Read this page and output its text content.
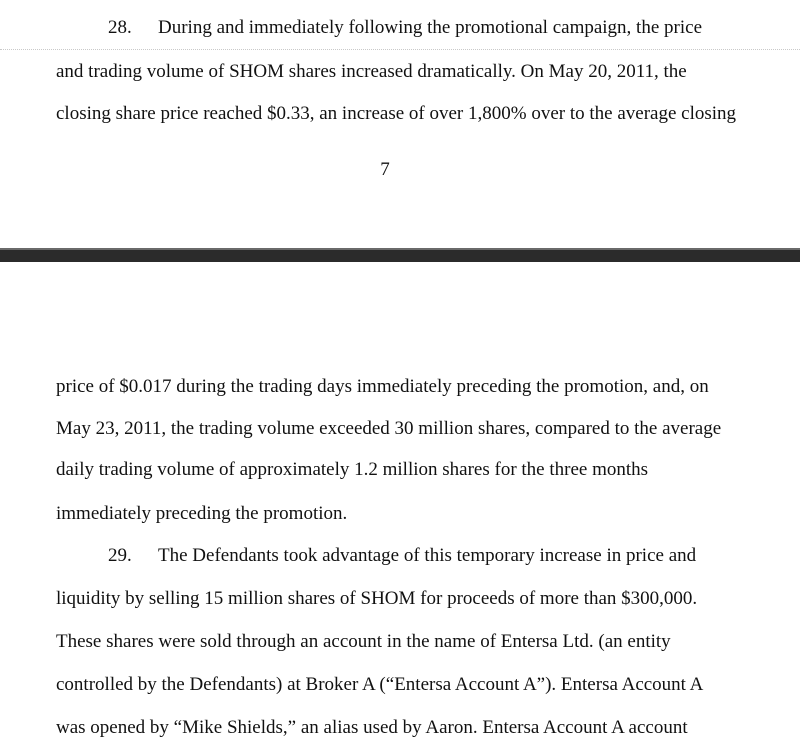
28. During and immediately following the promotional campaign, the price

and trading volume of SHOM shares increased dramatically. On May 20, 2011, the

closing share price reached $0.33, an increase of over 1,800% over to the average closing

7

price of $0.017 during the trading days immediately preceding the promotion, and, on

May 23, 2011, the trading volume exceeded 30 million shares, compared to the average

daily trading volume of approximately 1.2 million shares for the three months

immediately preceding the promotion.

29. The Defendants took advantage of this temporary increase in price and

liquidity by selling 15 million shares of SHOM for proceeds of more than $300,000.

These shares were sold through an account in the name of Entersa Ltd. (an entity

controlled by the Defendants) at Broker A (“Entersa Account A”). Entersa Account A

was opened by “Mike Shields,” an alias used by Aaron. Entersa Account A account
